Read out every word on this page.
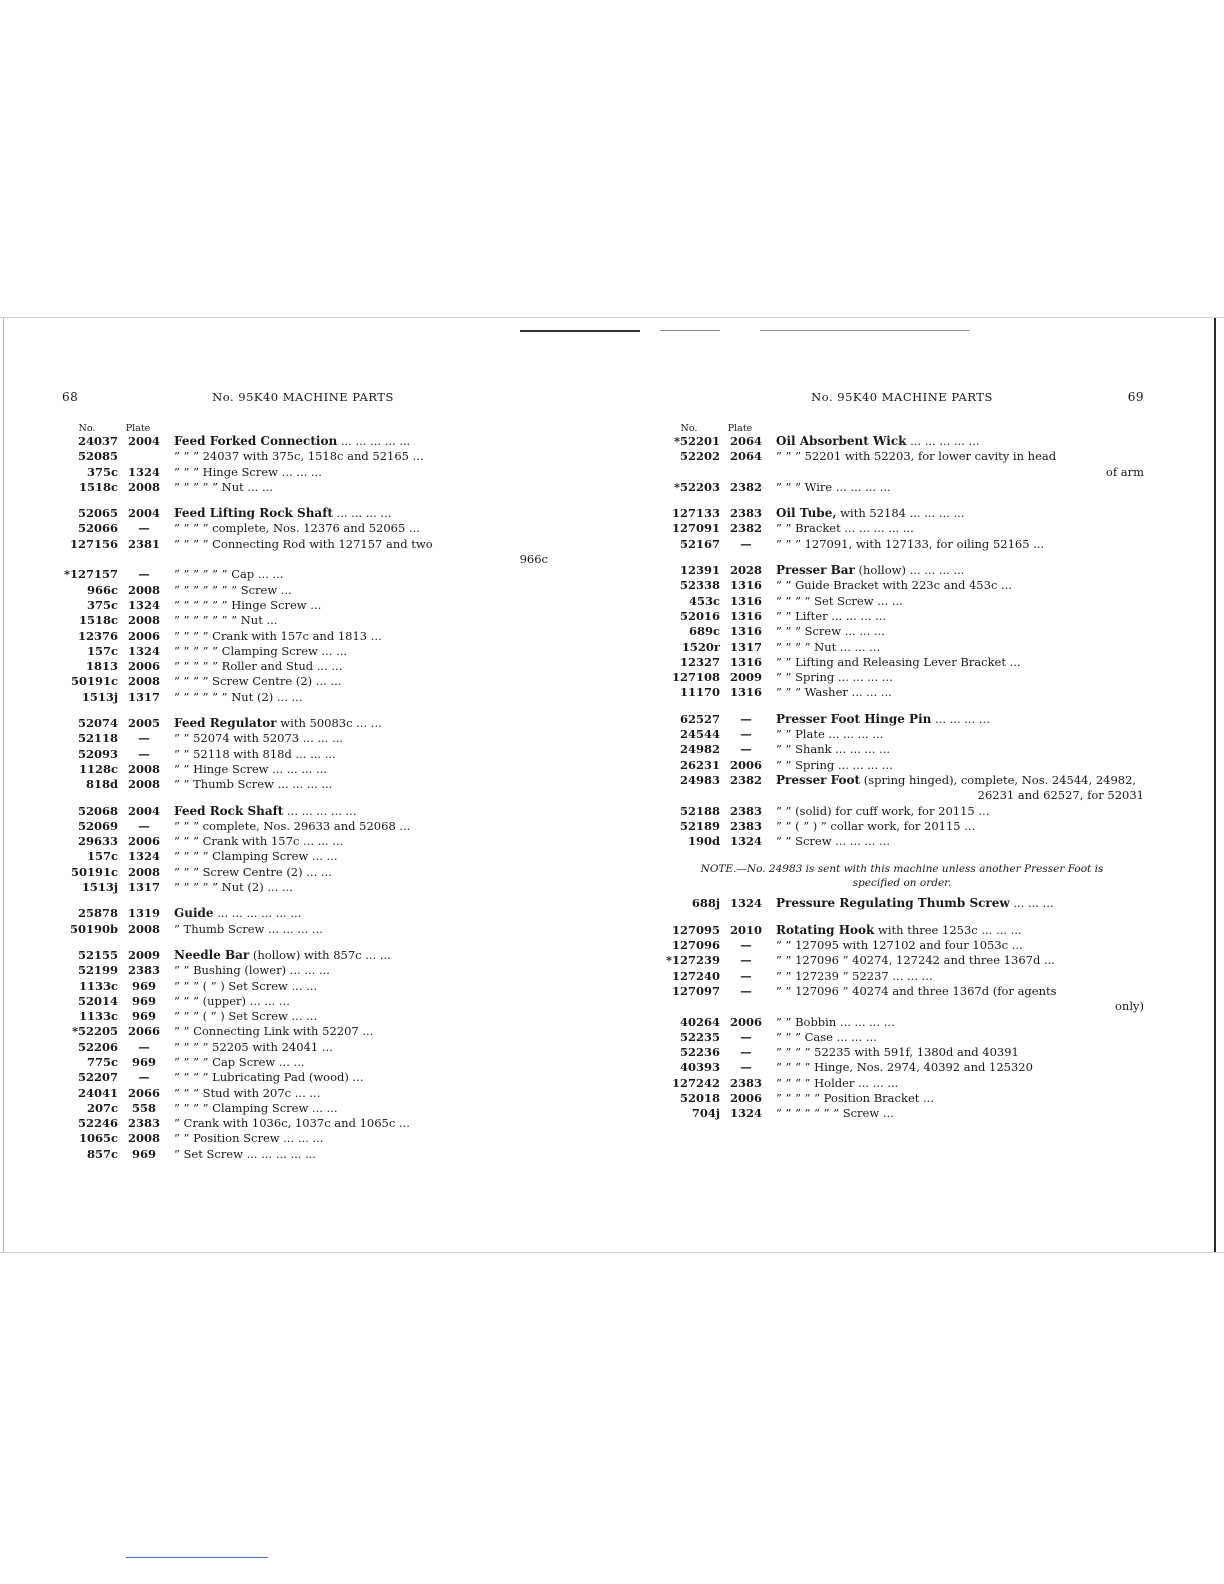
68	No. 95K40 MACHINE PARTS
No.	Plate
24037 2004	Feed Forked Connection ... ... ... ... ...
52085	” ” ” 24037 with 375c, 1518c and 52165 ...
375c 1324	” ” ” Hinge Screw ... ... ...
1518c 2008	” ” ” ” ” Nut ... ...
52065 2004	Feed Lifting Rock Shaft ... ... ... ...
52066	—	” ” ” ” complete, Nos. 12376 and 52065 ...
127156 2381	” ” ” ” Connecting Rod with 127157 and two
966c
*127157	—	” ” ” ” ” ” Cap ... ...
966c 2008	” ” ” ” ” ” ” Screw ...
375c 1324	” ” ” ” ” ” Hinge Screw ...
1518c 2008	” ” ” ” ” ” ” Nut ...
12376 2006	” ” ” ” Crank with 157c and 1813 ...
157c 1324	” ” ” ” ” Clamping Screw ... ...
1813 2006	” ” ” ” ” Roller and Stud ... ...
50191c 2008	” ” ” ” Screw Centre (2) ... ...
1513j 1317	” ” ” ” ” ” Nut (2) ... ...
52074 2005	Feed Regulator with 50083c ... ...
52118	—	” ” 52074 with 52073 ... ... ...
52093	—	” ” 52118 with 818d ... ... ...
1128c 2008	” ” Hinge Screw ... ... ... ...
818d 2008	” ” Thumb Screw ... ... ... ...
52068 2004	Feed Rock Shaft ... ... ... ... ...
52069	—	” ” ” complete, Nos. 29633 and 52068 ...
29633 2006	” ” ” Crank with 157c ... ... ...
157c 1324	” ” ” ” Clamping Screw ... ...
50191c 2008	” ” ” Screw Centre (2) ... ...
1513j 1317	” ” ” ” ” Nut (2) ... ...
25878 1319	Guide ... ... ... ... ... ...
50190b 2008	” Thumb Screw ... ... ... ...
52155 2009	Needle Bar (hollow) with 857c ... ...
52199 2383	” ” Bushing (lower) ... ... ...
1133c	969	” ” ” ( ” ) Set Screw ... ...
52014	969	” ” ” (upper) ... ... ...
1133c	969	” ” ” ( ” ) Set Screw ... ...
*52205 2066	” ” Connecting Link with 52207 ...
52206	—	” ” ” ” 52205 with 24041 ...
775c	969	” ” ” ” Cap Screw ... ...
52207	—	” ” ” ” Lubricating Pad (wood) ...
24041 2066	” ” ” Stud with 207c ... ...
207c	558	” ” ” ” Clamping Screw ... ...
52246 2383	” Crank with 1036c, 1037c and 1065c ...
1065c 2008	” ” Position Screw ... ... ...
857c	969	” Set Screw ... ... ... ... ...
No. 95K40 MACHINE PARTS	69
No.	Plate
*52201 2064	Oil Absorbent Wick ... ... ... ... ...
52202 2064	” ” ” 52201 with 52203, for lower cavity in head
of arm
*52203 2382	” ” ” Wire ... ... ... ...
127133 2383	Oil Tube, with 52184 ... ... ... ...
127091 2382	” ” Bracket ... ... ... ... ...
52167	—	” ” ” 127091, with 127133, for oiling 52165 ...
12391 2028	Presser Bar (hollow) ... ... ... ...
52338 1316	” ” Guide Bracket with 223c and 453c ...
453c 1316	” ” ” ” Set Screw ... ...
52016 1316	” ” Lifter ... ... ... ...
689c 1316	” ” ” Screw ... ... ...
1520r 1317	” ” ” ” Nut ... ... ...
12327 1316	” ” Lifting and Releasing Lever Bracket ...
127108 2009	” ” Spring ... ... ... ...
11170 1316	” ” ” Washer ... ... ...
62527	—	Presser Foot Hinge Pin ... ... ... ...
24544	—	” ” Plate ... ... ... ...
24982	—	” ” Shank ... ... ... ...
26231 2006	” ” Spring ... ... ... ...
24983 2382	Presser Foot (spring hinged), complete, Nos. 24544, 24982,
26231 and 62527, for 52031
52188 2383	” ” (solid) for cuff work, for 20115 ...
52189 2383	” ” ( ” ) ” collar work, for 20115 ...
190d 1324	” ” Screw ... ... ... ...
NOTE.—No. 24983 is sent with this machine unless another Presser Foot is specified on order.
688j 1324	Pressure Regulating Thumb Screw ... ... ...
127095 2010	Rotating Hook with three 1253c ... ... ...
127096	—	” ” 127095 with 127102 and four 1053c ...
*127239	—	” ” 127096 ” 40274, 127242 and three 1367d ...
127240	—	” ” 127239 ” 52237 ... ... ...
127097	—	” ” 127096 ” 40274 and three 1367d (for agents
only)
40264 2006	” ” Bobbin ... ... ... ...
52235	—	” ” ” Case ... ... ...
52236	—	” ” ” ” 52235 with 591f, 1380d and 40391
40393	—	” ” ” ” Hinge, Nos. 2974, 40392 and 125320
127242 2383	” ” ” ” Holder ... ... ...
52018 2006	” ” ” ” ” Position Bracket ...
704j 1324	” ” ” ” ” ” ” Screw ...
